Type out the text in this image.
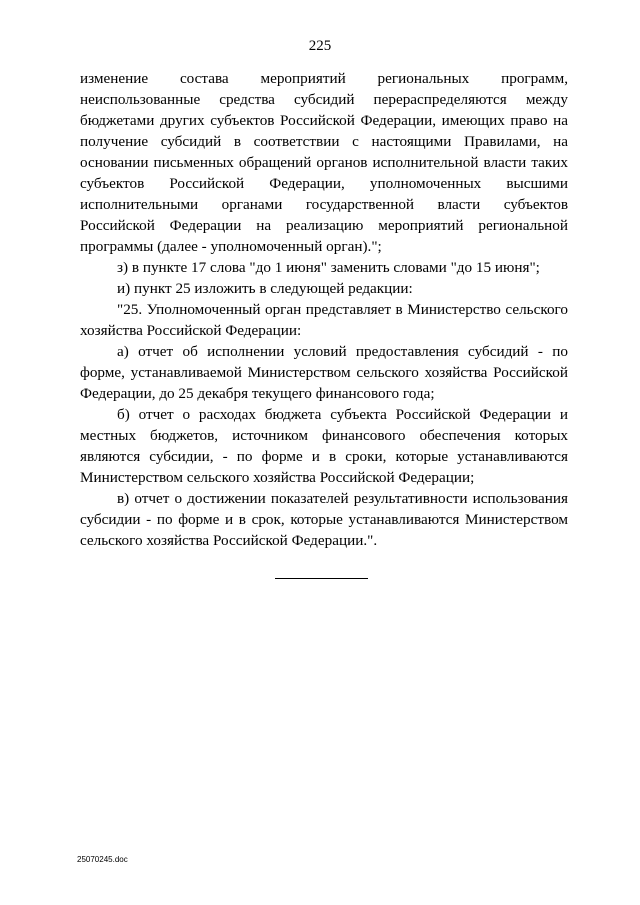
225

изменение состава мероприятий региональных программ, неиспользованные средства субсидий перераспределяются между бюджетами других субъектов Российской Федерации, имеющих право на получение субсидий в соответствии с настоящими Правилами, на основании письменных обращений органов исполнительной власти таких субъектов Российской Федерации, уполномоченных высшими исполнительными органами государственной власти субъектов Российской Федерации на реализацию мероприятий региональной программы (далее - уполномоченный орган).";

з) в пункте 17 слова "до 1 июня" заменить словами "до 15 июня";

и) пункт 25 изложить в следующей редакции:

"25. Уполномоченный орган представляет в Министерство сельского хозяйства Российской Федерации:

а) отчет об исполнении условий предоставления субсидий - по форме, устанавливаемой Министерством сельского хозяйства Российской Федерации, до 25 декабря текущего финансового года;

б) отчет о расходах бюджета субъекта Российской Федерации и местных бюджетов, источником финансового обеспечения которых являются субсидии, - по форме и в сроки, которые устанавливаются Министерством сельского хозяйства Российской Федерации;

в) отчет о достижении показателей результативности использования субсидии - по форме и в срок, которые устанавливаются Министерством сельского хозяйства Российской Федерации.".

25070245.doc
